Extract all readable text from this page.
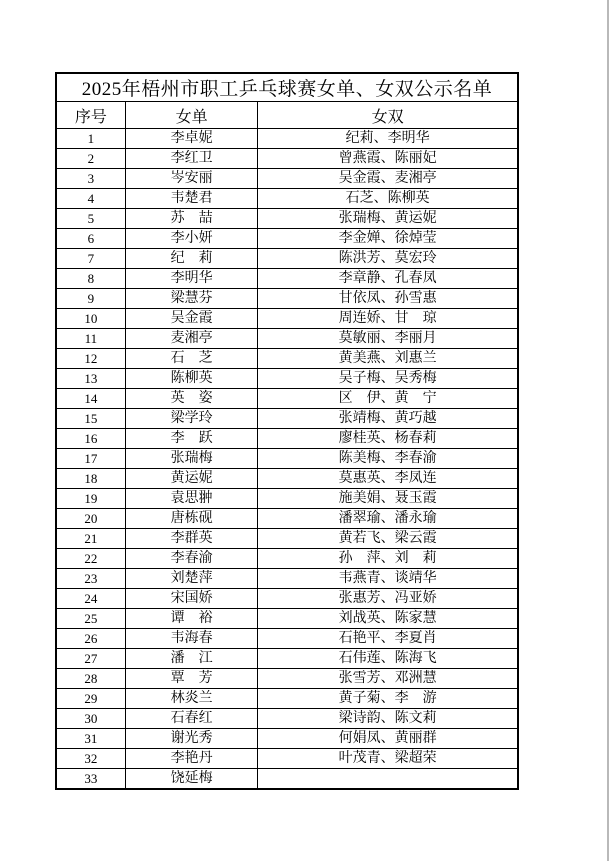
2025年梧州市职工乒乓球赛女单、女双公示名单		
序号	女单	女双
1	李卓妮	纪莉、李明华
2	李红卫	曾燕霞、陈丽妃
3	岑安丽	吴金霞、麦湘亭
4	韦楚君	石芝、陈柳英
5	苏　喆	张瑞梅、黄运妮
6	李小妍	李金婵、徐焯莹
7	纪　莉	陈洪芳、莫宏玲
8	李明华	李章静、孔春凤
9	梁慧芬	甘依凤、孙雪惠
10	吴金霞	周连娇、甘　琼
11	麦湘亭	莫敏丽、李丽月
12	石　芝	黄美燕、刘惠兰
13	陈柳英	吴子梅、吴秀梅
14	英　姿	区　伊、黄　宁
15	梁学玲	张靖梅、黄巧越
16	李　跃	廖桂英、杨春莉
17	张瑞梅	陈美梅、李春渝
18	黄运妮	莫惠英、李凤连
19	袁思翀	施美娟、聂玉霞
20	唐栋砚	潘翠瑜、潘永瑜
21	李群英	黄若飞、梁云霞
22	李春渝	孙　萍、刘　莉
23	刘楚萍	韦燕青、谈靖华
24	宋国娇	张惠芳、冯亚娇
25	谭　裕	刘战英、陈家慧
26	韦海春	石艳平、李夏肖
27	潘　江	石伟莲、陈海飞
28	覃　芳	张雪芳、邓洲慧
29	林炎兰	黄子菊、李　游
30	石春红	梁诗韵、陈文莉
31	谢光秀	何娟凤、黄丽群
32	李艳丹	叶茂青、梁超荣
33	饶延梅	
